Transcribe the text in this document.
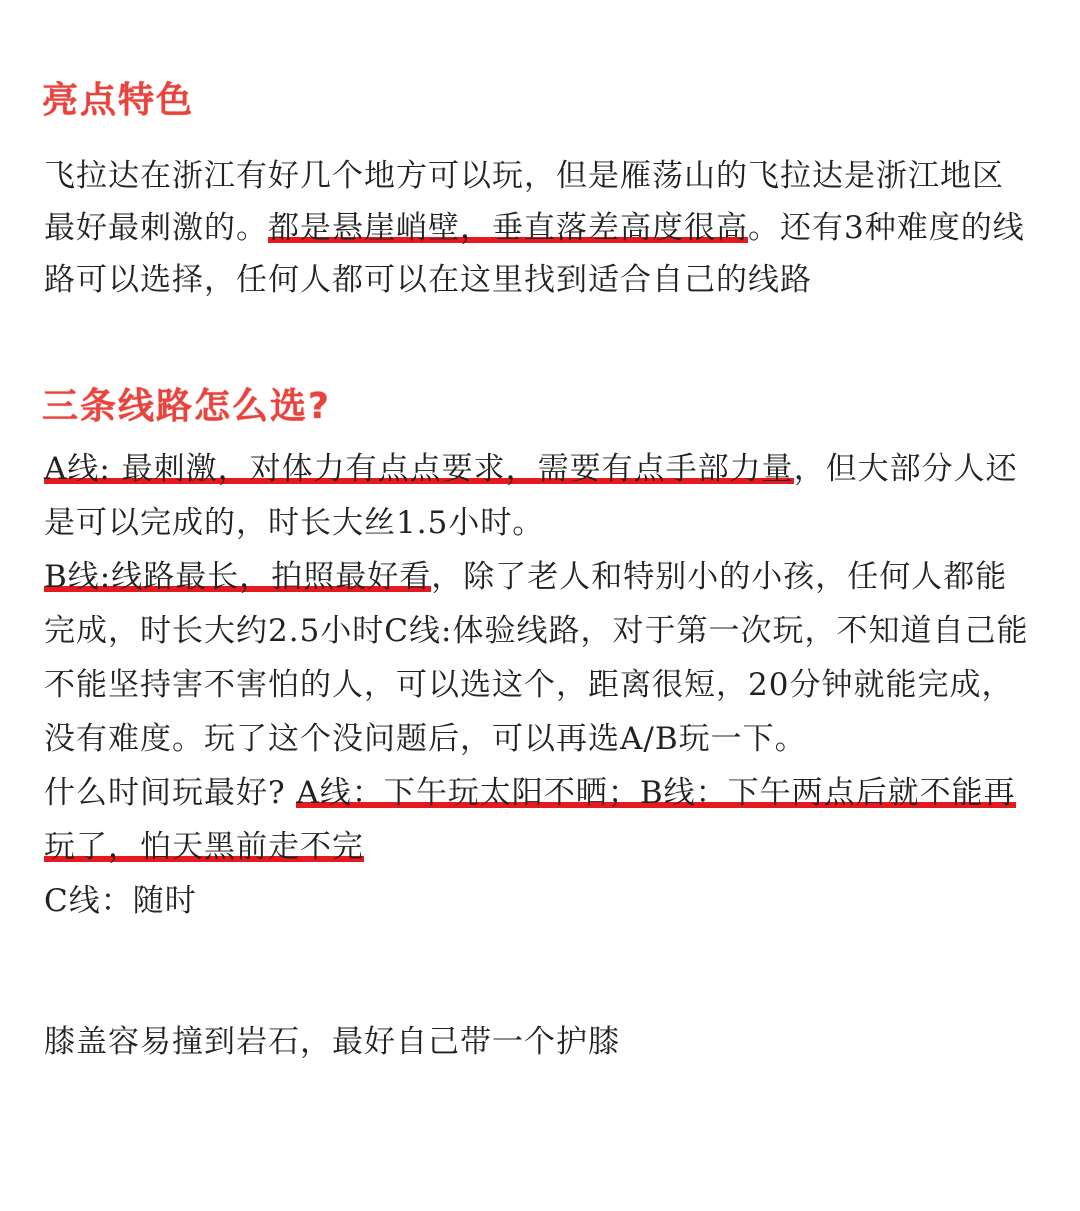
亮点特色
飞拉达在浙江有好几个地方可以玩，但是雁荡山的飞拉达是浙江地区最好最刺激的。都是悬崖峭壁，垂直落差高度很高。还有3种难度的线路可以选择，任何人都可以在这里找到适合自己的线路
三条线路怎么选?
A线: 最刺激，对体力有点点要求，需要有点手部力量，但大部分人还是可以完成的，时长大丝1.5小时。
B线:线路最长，拍照最好看，除了老人和特别小的小孩，任何人都能完成，时长大约2.5小时C线:体验线路，对于第一次玩，不知道自己能不能坚持害不害怕的人，可以选这个，距离很短，20分钟就能完成，没有难度。玩了这个没问题后，可以再选A/B玩一下。
什么时间玩最好? A线：下午玩太阳不晒；B线：下午两点后就不能再玩了，怕天黑前走不完
C线：随时
膝盖容易撞到岩石，最好自己带一个护膝
